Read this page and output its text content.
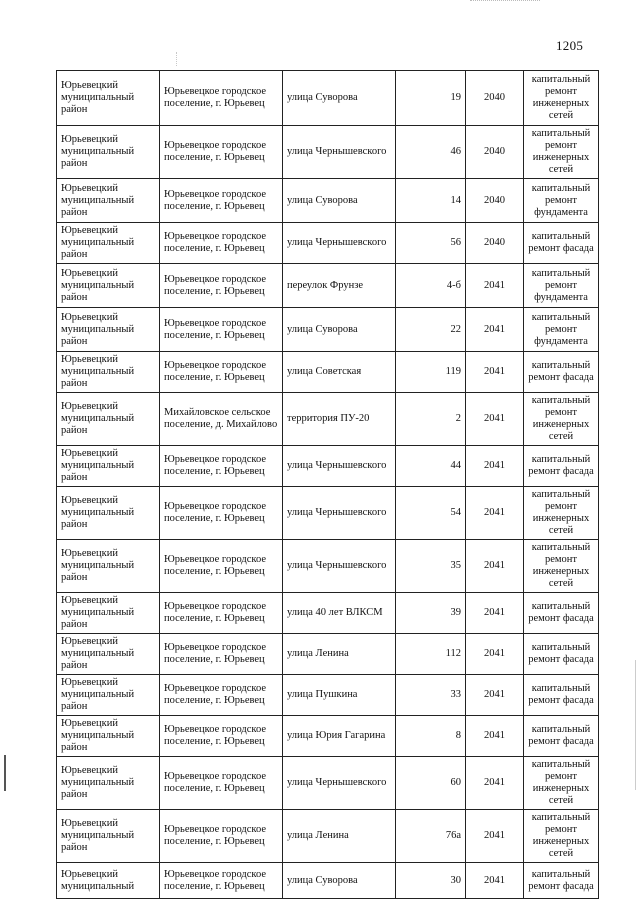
1205
Юрьевецкий муниципальный район	Юрьевецкое городское поселение, г. Юрьевец	улица Суворова	19	2040	капитальный ремонт инженерных сетей
Юрьевецкий муниципальный район	Юрьевецкое городское поселение, г. Юрьевец	улица Чернышевского	46	2040	капитальный ремонт инженерных сетей
Юрьевецкий муниципальный район	Юрьевецкое городское поселение, г. Юрьевец	улица Суворова	14	2040	капитальный ремонт фундамента
Юрьевецкий муниципальный район	Юрьевецкое городское поселение, г. Юрьевец	улица Чернышевского	56	2040	капитальный ремонт фасада
Юрьевецкий муниципальный район	Юрьевецкое городское поселение, г. Юрьевец	переулок Фрунзе	4-б	2041	капитальный ремонт фундамента
Юрьевецкий муниципальный район	Юрьевецкое городское поселение, г. Юрьевец	улица Суворова	22	2041	капитальный ремонт фундамента
Юрьевецкий муниципальный район	Юрьевецкое городское поселение, г. Юрьевец	улица Советская	119	2041	капитальный ремонт фасада
Юрьевецкий муниципальный район	Михайловское сельское поселение, д. Михайлово	территория ПУ-20	2	2041	капитальный ремонт инженерных сетей
Юрьевецкий муниципальный район	Юрьевецкое городское поселение, г. Юрьевец	улица Чернышевского	44	2041	капитальный ремонт фасада
Юрьевецкий муниципальный район	Юрьевецкое городское поселение, г. Юрьевец	улица Чернышевского	54	2041	капитальный ремонт инженерных сетей
Юрьевецкий муниципальный район	Юрьевецкое городское поселение, г. Юрьевец	улица Чернышевского	35	2041	капитальный ремонт инженерных сетей
Юрьевецкий муниципальный район	Юрьевецкое городское поселение, г. Юрьевец	улица 40 лет ВЛКСМ	39	2041	капитальный ремонт фасада
Юрьевецкий муниципальный район	Юрьевецкое городское поселение, г. Юрьевец	улица Ленина	112	2041	капитальный ремонт фасада
Юрьевецкий муниципальный район	Юрьевецкое городское поселение, г. Юрьевец	улица Пушкина	33	2041	капитальный ремонт фасада
Юрьевецкий муниципальный район	Юрьевецкое городское поселение, г. Юрьевец	улица Юрия Гагарина	8	2041	капитальный ремонт фасада
Юрьевецкий муниципальный район	Юрьевецкое городское поселение, г. Юрьевец	улица Чернышевского	60	2041	капитальный ремонт инженерных сетей
Юрьевецкий муниципальный район	Юрьевецкое городское поселение, г. Юрьевец	улица Ленина	76а	2041	капитальный ремонт инженерных сетей
Юрьевецкий муниципальный	Юрьевецкое городское поселение, г. Юрьевец	улица Суворова	30	2041	капитальный ремонт фасада
